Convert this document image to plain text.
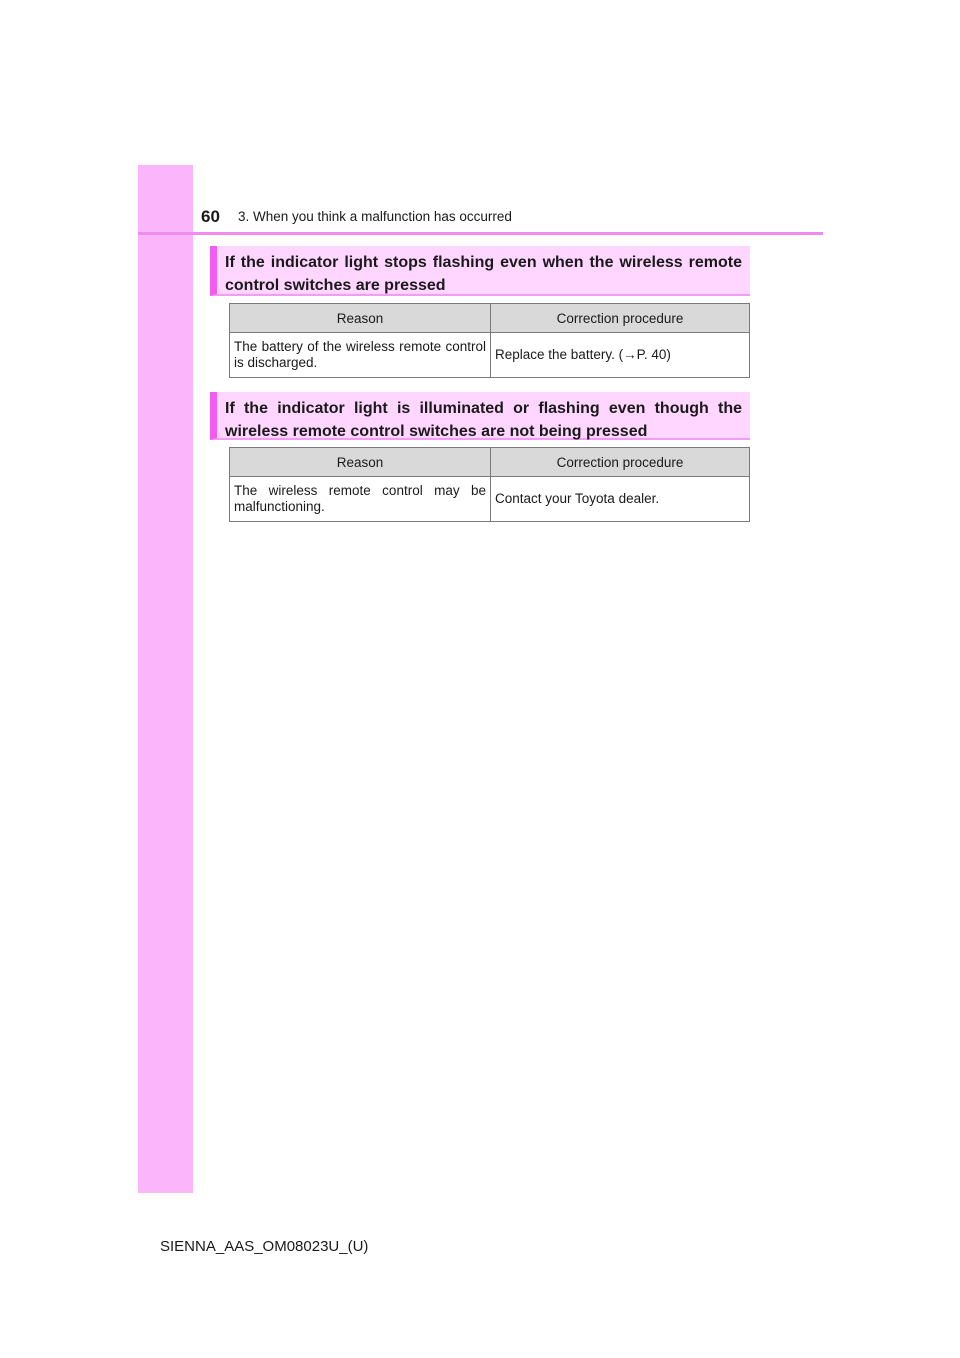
60 3. When you think a malfunction has occurred
If the indicator light stops flashing even when the wireless remote control switches are pressed
Reason	Correction procedure
The battery of the wireless remote control is discharged.	Replace the battery. (→P. 40)
If the indicator light is illuminated or flashing even though the wireless remote control switches are not being pressed
Reason	Correction procedure
The wireless remote control may be malfunctioning.	Contact your Toyota dealer.
SIENNA_AAS_OM08023U_(U)
